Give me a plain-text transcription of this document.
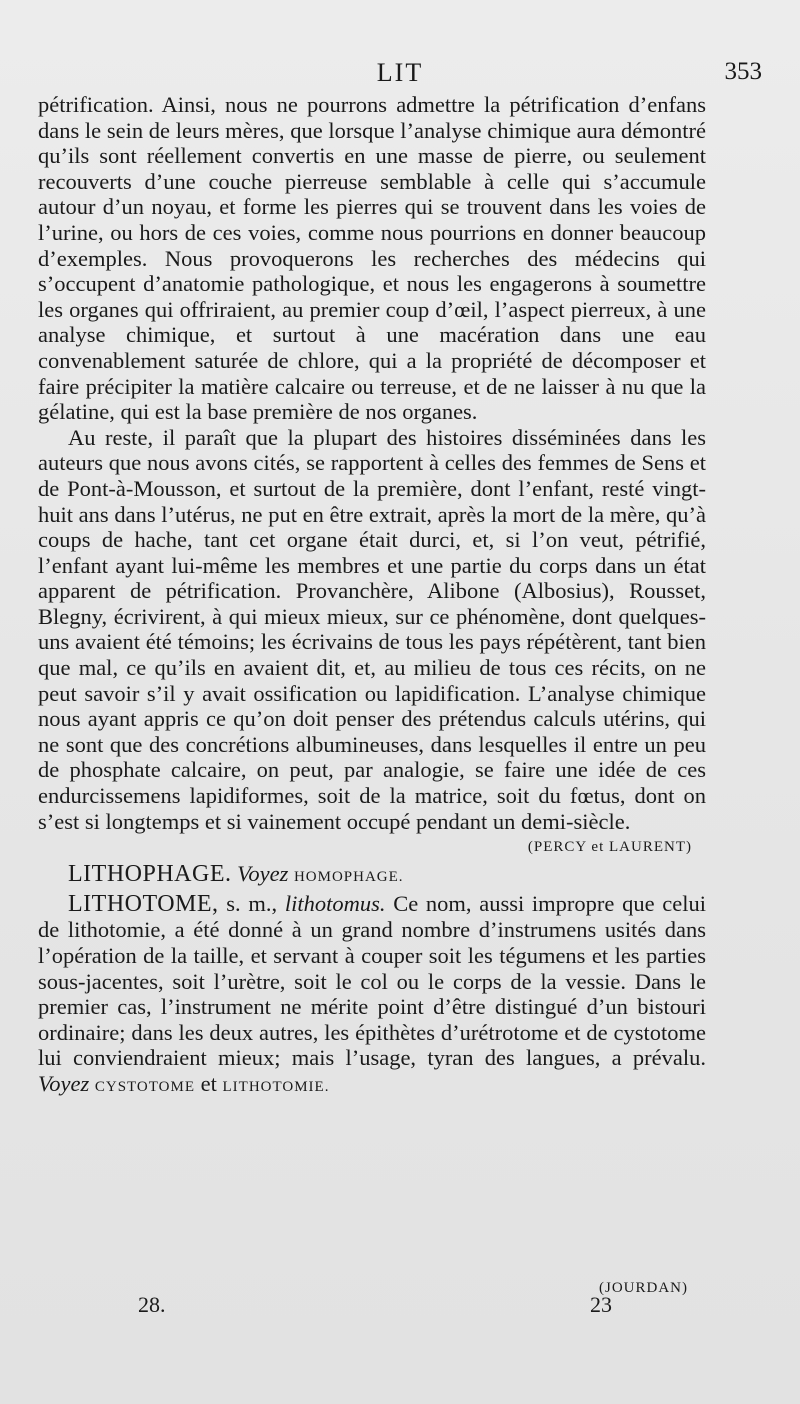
LIT	353

pétrification. Ainsi, nous ne pourrons admettre la pétrification d’enfans dans le sein de leurs mères, que lorsque l’analyse chimique aura démontré qu’ils sont réellement convertis en une masse de pierre, ou seulement recouverts d’une couche pierreuse semblable à celle qui s’accumule autour d’un noyau, et forme les pierres qui se trouvent dans les voies de l’urine, ou hors de ces voies, comme nous pourrions en donner beaucoup d’exemples. Nous provoquerons les recherches des médecins qui s’occupent d’anatomie pathologique, et nous les engagerons à soumettre les organes qui offriraient, au premier coup d’œil, l’aspect pierreux, à une analyse chimique, et surtout à une macération dans une eau convenablement saturée de chlore, qui a la propriété de décomposer et faire précipiter la matière calcaire ou terreuse, et de ne laisser à nu que la gélatine, qui est la base première de nos organes.

Au reste, il paraît que la plupart des histoires disséminées dans les auteurs que nous avons cités, se rapportent à celles des femmes de Sens et de Pont-à-Mousson, et surtout de la première, dont l’enfant, resté vingt-huit ans dans l’utérus, ne put en être extrait, après la mort de la mère, qu’à coups de hache, tant cet organe était durci, et, si l’on veut, pétrifié, l’enfant ayant lui-même les membres et une partie du corps dans un état apparent de pétrification. Provanchère, Alibone (Albosius), Rousset, Blegny, écrivirent, à qui mieux mieux, sur ce phénomène, dont quelques-uns avaient été témoins; les écrivains de tous les pays répétèrent, tant bien que mal, ce qu’ils en avaient dit, et, au milieu de tous ces récits, on ne peut savoir s’il y avait ossification ou lapidification. L’analyse chimique nous ayant appris ce qu’on doit penser des prétendus calculs utérins, qui ne sont que des concrétions albumineuses, dans lesquelles il entre un peu de phosphate calcaire, on peut, par analogie, se faire une idée de ces endurcissemens lapidiformes, soit de la matrice, soit du fœtus, dont on s’est si longtemps et si vainement occupé pendant un demi-siècle.

(PERCY et LAURENT)

LITHOPHAGE. Voyez HOMOPHAGE.

LITHOTOME, s. m., lithotomus. Ce nom, aussi impropre que celui de lithotomie, a été donné à un grand nombre d’instrumens usités dans l’opération de la taille, et servant à couper soit les tégumens et les parties sous-jacentes, soit l’urètre, soit le col ou le corps de la vessie. Dans le premier cas, l’instrument ne mérite point d’être distingué d’un bistouri ordinaire; dans les deux autres, les épithètes d’urétrotome et de cystotome lui conviendraient mieux; mais l’usage, tyran des langues, a prévalu. Voyez CYSTOTOME et LITHOTOMIE.

(JOURDAN)
28.	23
